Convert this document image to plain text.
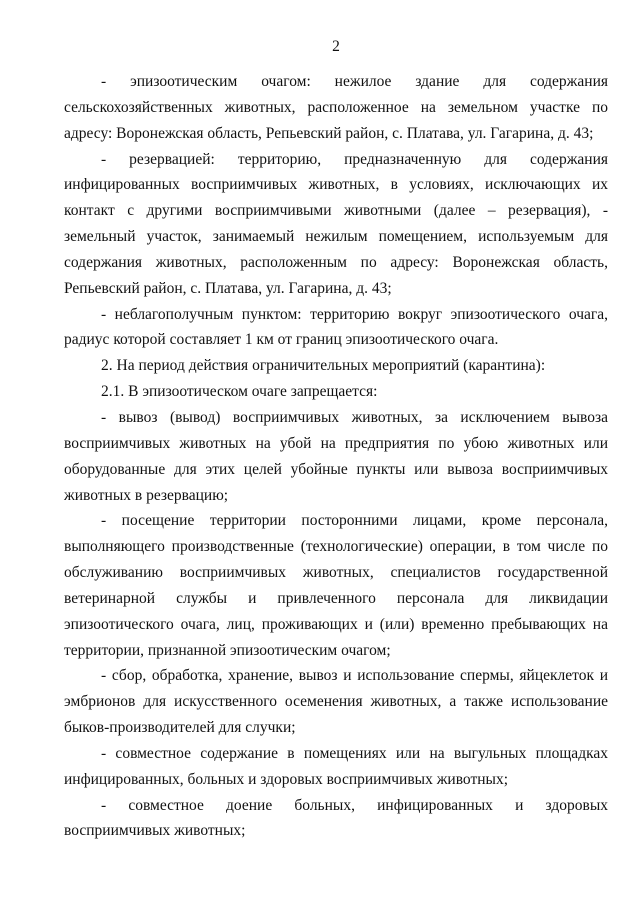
2

- эпизоотическим очагом: нежилое здание для содержания сельскохозяйственных животных, расположенное на земельном участке по адресу: Воронежская область, Репьевский район, с. Платава, ул. Гагарина, д. 43;

- резервацией: территорию, предназначенную для содержания инфицированных восприимчивых животных, в условиях, исключающих их контакт с другими восприимчивыми животными (далее – резервация), - земельный участок, занимаемый нежилым помещением, используемым для содержания животных, расположенным по адресу: Воронежская область, Репьевский район, с. Платава, ул. Гагарина, д. 43;

- неблагополучным пунктом: территорию вокруг эпизоотического очага, радиус которой составляет 1 км от границ эпизоотического очага.

2. На период действия ограничительных мероприятий (карантина):

2.1. В эпизоотическом очаге запрещается:

- вывоз (вывод) восприимчивых животных, за исключением вывоза восприимчивых животных на убой на предприятия по убою животных или оборудованные для этих целей убойные пункты или вывоза восприимчивых животных в резервацию;

- посещение территории посторонними лицами, кроме персонала, выполняющего производственные (технологические) операции, в том числе по обслуживанию восприимчивых животных, специалистов государственной ветеринарной службы и привлеченного персонала для ликвидации эпизоотического очага, лиц, проживающих и (или) временно пребывающих на территории, признанной эпизоотическим очагом;

- сбор, обработка, хранение, вывоз и использование спермы, яйцеклеток и эмбрионов для искусственного осеменения животных, а также использование быков-производителей для случки;

- совместное содержание в помещениях или на выгульных площадках инфицированных, больных и здоровых восприимчивых животных;

- совместное доение больных, инфицированных и здоровых восприимчивых животных;
